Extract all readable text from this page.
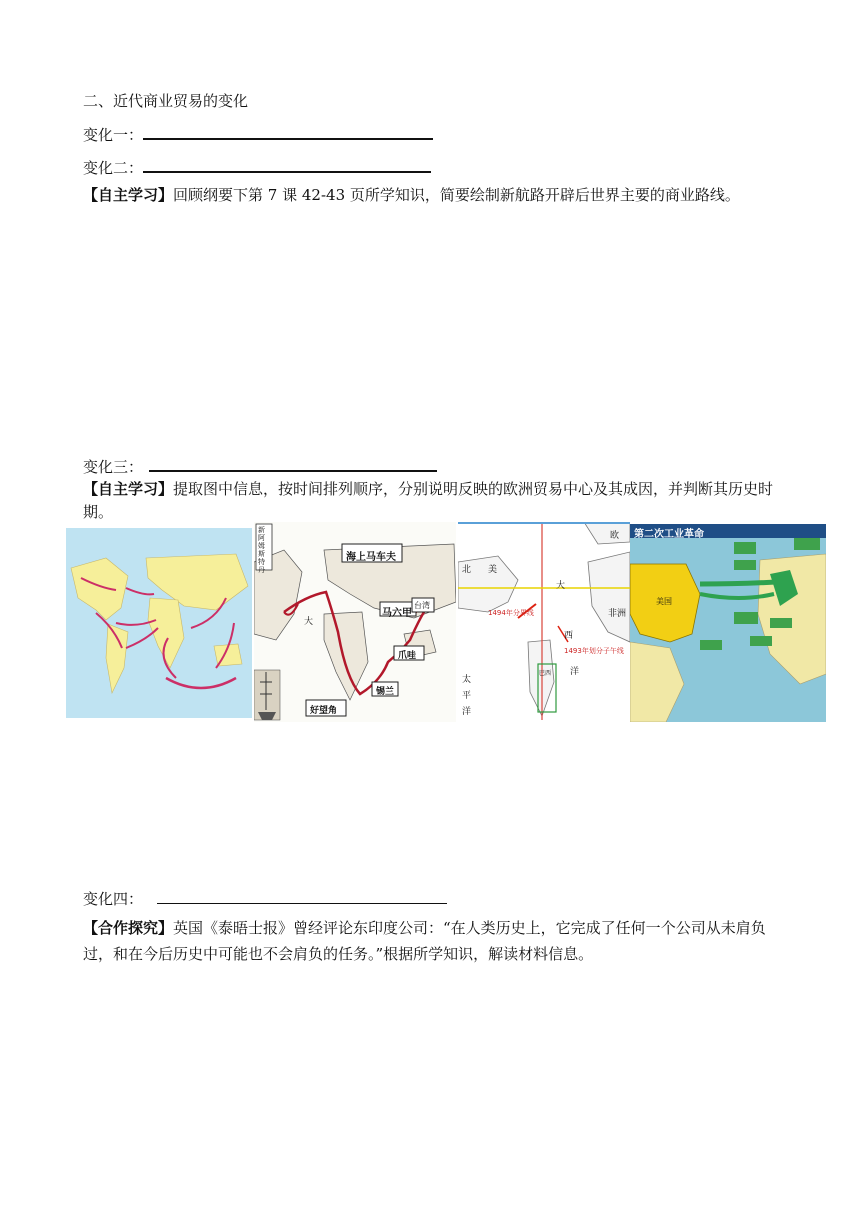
二、近代商业贸易的变化
变化一：
变化二：
【自主学习】回顾纲要下第 7 课 42-43 页所学知识，简要绘制新航路开辟后世界主要的商业路线。
变化三：
【自主学习】提取图中信息，按时间排列顺序，分别说明反映的欧洲贸易中心及其成因，并判断其历史时期。
海上马车夫
马六甲
台湾
爪哇
锡兰
好望角
新阿姆斯特丹
大
北 美
大
西
洋
非洲
太
平
洋
欧
1494年分界线
1493年划分子午线
巴西
第二次工业革命
美国
变化四：
【合作探究】英国《泰晤士报》曾经评论东印度公司：“在人类历史上，它完成了任何一个公司从未肩负过，和在今后历史中可能也不会肩负的任务。”根据所学知识，解读材料信息。
